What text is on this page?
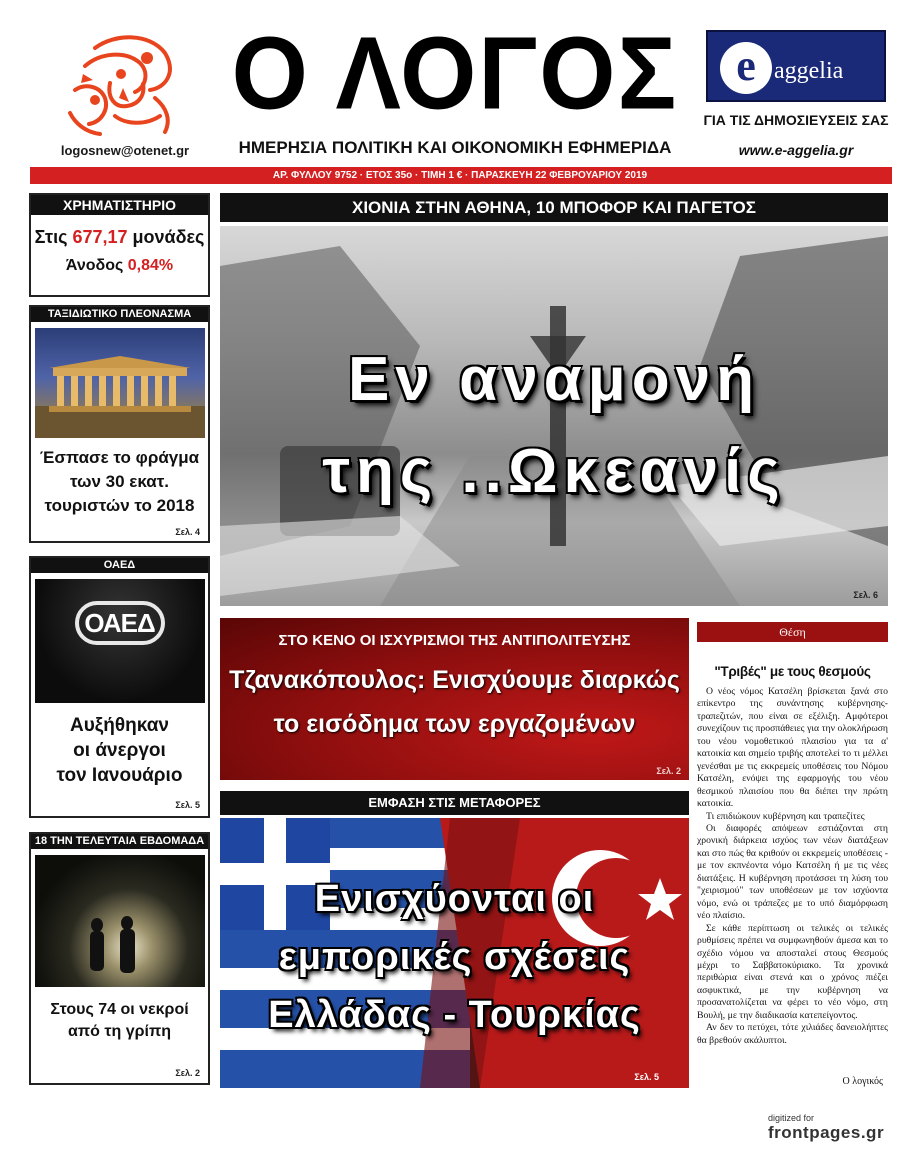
logosnew@otenet.gr
Ο ΛΟΓΟΣ
ΗΜΕΡΗΣΙΑ ΠΟΛΙΤΙΚΗ ΚΑΙ ΟΙΚΟΝΟΜΙΚΗ ΕΦΗΜΕΡΙΔΑ
e aggelia
ΓΙΑ ΤΙΣ ΔΗΜΟΣΙΕΥΣΕΙΣ ΣΑΣ
www.e-aggelia.gr
ΑΡ. ΦΥΛΛΟΥ 9752 · ΕΤΟΣ 35ο · ΤΙΜΗ 1 € · ΠΑΡΑΣΚΕΥΗ 22 ΦΕΒΡΟΥΑΡΙΟΥ 2019
ΧΡΗΜΑΤΙΣΤΗΡΙΟ
Στις 677,17 μονάδες
Άνοδος 0,84%
ΤΑΞΙΔΙΩΤΙΚΟ ΠΛΕΟΝΑΣΜΑ
Έσπασε το φράγμα
των 30 εκατ.
τουριστών το 2018
Σελ. 4
ΟΑΕΔ
ΟΑΕΔ
Αυξήθηκαν
οι άνεργοι
τον Ιανουάριο
Σελ. 5
18 ΤΗΝ ΤΕΛΕΥΤΑΙΑ ΕΒΔΟΜΑΔΑ
Στους 74 οι νεκροί
από τη γρίπη
Σελ. 2
ΧΙΟΝΙΑ ΣΤΗΝ ΑΘΗΝΑ, 10 ΜΠΟΦΟΡ ΚΑΙ ΠΑΓΕΤΟΣ
Εν αναμονή
της ..Ωκεανίς
Σελ. 6
ΣΤΟ ΚΕΝΟ ΟΙ ΙΣΧΥΡΙΣΜΟΙ ΤΗΣ ΑΝΤΙΠΟΛΙΤΕΥΣΗΣ
Τζανακόπουλος: Ενισχύουμε διαρκώς
το εισόδημα των εργαζομένων
Σελ. 2
ΕΜΦΑΣΗ ΣΤΙΣ ΜΕΤΑΦΟΡΕΣ
Ενισχύονται οι
εμπορικές σχέσεις
Ελλάδας - Τουρκίας
Σελ. 5
Θέση
"Τριβές" με τους θεσμούς

Ο νέος νόμος Κατσέλη βρίσκεται ξανά στο επίκεντρο της συνάντησης κυβέρνησης-τραπεζιτών, που είναι σε εξέλιξη. Αμφότεροι συνεχίζουν τις προσπάθειες για την ολοκλήρωση του νέου νομοθετικού πλαισίου για τα α' κατοικία και σημείο τριβής αποτελεί το τι μέλλει γενέσθαι με τις εκκρεμείς υποθέσεις του Νόμου Κατσέλη, ενόψει της εφαρμογής του νέου θεσμικού πλαισίου που θα διέπει την πρώτη κατοικία.

Τι επιδιώκουν κυβέρνηση και τραπεζίτες

Οι διαφορές απόψεων εστιάζονται στη χρονική διάρκεια ισχύος των νέων διατάξεων και στο πώς θα κριθούν οι εκκρεμείς υποθέσεις - με τον εκπνέοντα νόμο Κατσέλη ή με τις νέες διατάξεις. Η κυβέρνηση προτάσσει τη λύση του "χειρισμού" των υποθέσεων με τον ισχύοντα νόμο, ενώ οι τράπεζες με το υπό διαμόρφωση νέο πλαίσιο.

Σε κάθε περίπτωση οι τελικές οι τελικές ρυθμίσεις πρέπει να συμφωνηθούν άμεσα και το σχέδιο νόμου να αποσταλεί στους Θεσμούς μέχρι το Σαββατοκύριακο. Τα χρονικά περιθώρια είναι στενά και ο χρόνος πιέζει ασφυκτικά, με την κυβέρνηση να προσανατολίζεται να φέρει το νέο νόμο, στη Βουλή, με την διαδικασία κατεπείγοντος.

Αν δεν το πετύχει, τότε χιλιάδες δανειολήπτες θα βρεθούν ακάλυπτοι.

Ο λογικός
digitized for
frontpages.gr
